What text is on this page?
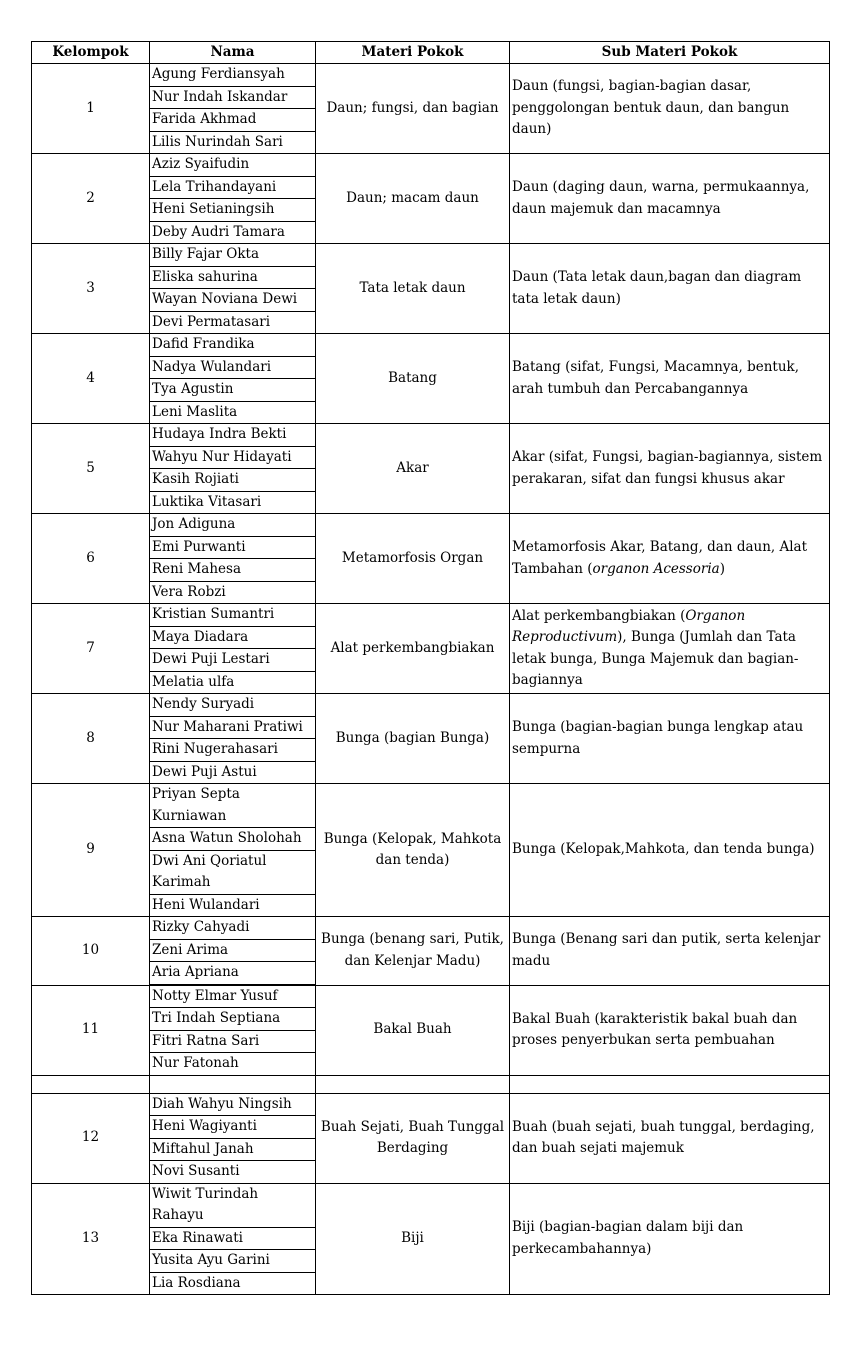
Kelompok	Nama	Materi Pokok	Sub Materi Pokok
1	Agung Ferdiansyah	Daun; fungsi, dan bagian	Daun (fungsi, bagian-bagian dasar, penggolongan bentuk daun, dan bangun daun)
	Nur Indah Iskandar		
	Farida Akhmad		
	Lilis Nurindah Sari		
2	Aziz Syaifudin	Daun; macam daun	Daun (daging daun, warna, permukaannya, daun majemuk dan macamnya
	Lela Trihandayani		
	Heni Setianingsih		
	Deby Audri Tamara		
3	Billy Fajar Okta	Tata letak daun	Daun (Tata letak daun,bagan dan diagram tata letak daun)
	Eliska sahurina		
	Wayan Noviana Dewi		
	Devi Permatasari		
4	Dafid Frandika	Batang	Batang (sifat, Fungsi, Macamnya, bentuk, arah tumbuh dan Percabangannya
	Nadya Wulandari		
	Tya Agustin		
	Leni Maslita		
5	Hudaya Indra Bekti	Akar	Akar (sifat, Fungsi, bagian-bagiannya, sistem perakaran, sifat dan fungsi khusus akar
	Wahyu Nur Hidayati		
	Kasih Rojiati		
	Luktika Vitasari		
6	Jon Adiguna	Metamorfosis Organ	Metamorfosis Akar, Batang, dan daun, Alat Tambahan (organon Acessoria)
	Emi Purwanti		
	Reni Mahesa		
	Vera Robzi		
7	Kristian Sumantri	Alat perkembangbiakan	Alat perkembangbiakan (Organon Reproductivum), Bunga (Jumlah dan Tata letak bunga, Bunga Majemuk dan bagian-bagiannya
	Maya Diadara		
	Dewi Puji Lestari		
	Melatia ulfa		
8	Nendy Suryadi	Bunga (bagian Bunga)	Bunga (bagian-bagian bunga lengkap atau sempurna
	Nur Maharani Pratiwi		
	Rini Nugerahasari		
	Dewi Puji Astui		
9	Priyan Septa Kurniawan	Bunga (Kelopak, Mahkota dan tenda)	Bunga (Kelopak,Mahkota, dan tenda bunga)
	Asna Watun Sholohah		
	Dwi Ani Qoriatul Karimah		
	Heni Wulandari		
10	Rizky Cahyadi	Bunga (benang sari, Putik, dan Kelenjar Madu)	Bunga (Benang sari dan putik, serta kelenjar madu
	Zeni Arima		
	Aria Apriana		

11	Notty Elmar Yusuf	Bakal Buah	Bakal Buah (karakteristik bakal buah dan proses penyerbukan serta pembuahan
	Tri Indah Septiana		
	Fitri Ratna Sari		
	Nur Fatonah		

12	Diah Wahyu Ningsih	Buah Sejati, Buah Tunggal Berdaging	Buah (buah sejati, buah tunggal, berdaging, dan buah sejati majemuk
	Heni Wagiyanti		
	Miftahul Janah		
	Novi Susanti		
13	Wiwit Turindah Rahayu	Biji	Biji (bagian-bagian dalam biji dan perkecambahannya)
	Eka Rinawati		
	Yusita Ayu Garini		
	Lia Rosdiana		
